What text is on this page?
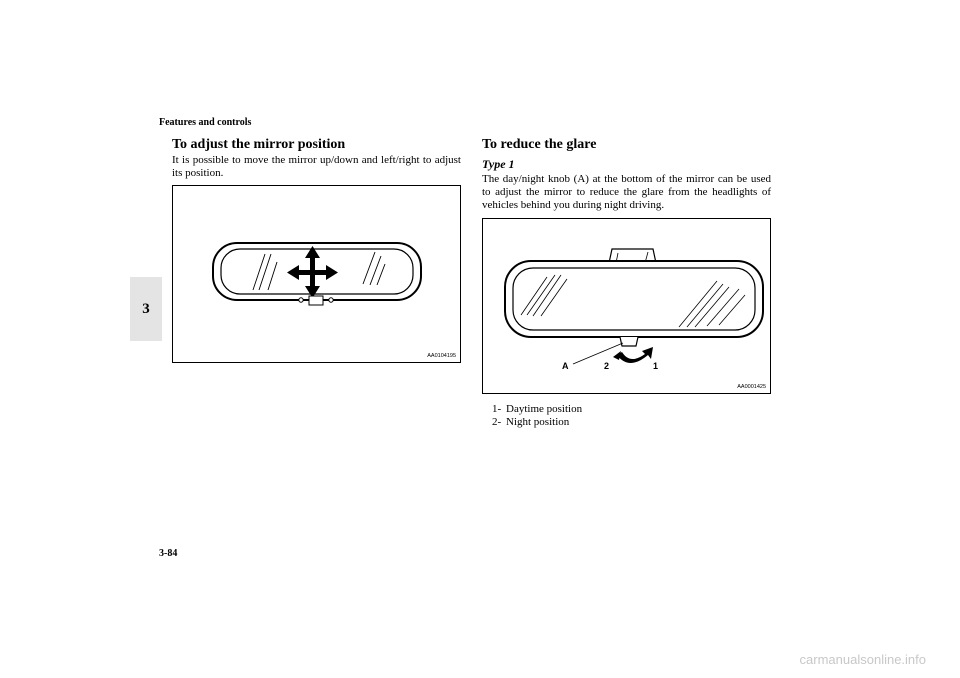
Features and controls
3
To adjust the mirror position
It is possible to move the mirror up/down and left/right to adjust its position.
AA0104195
To reduce the glare
Type 1
The day/night knob (A) at the bottom of the mirror can be used to adjust the mirror to reduce the glare from the headlights of vehicles behind you during night driving.
A	2	1
AA0001425
1- Daytime position
2- Night position
3-84
carmanualsonline.info
